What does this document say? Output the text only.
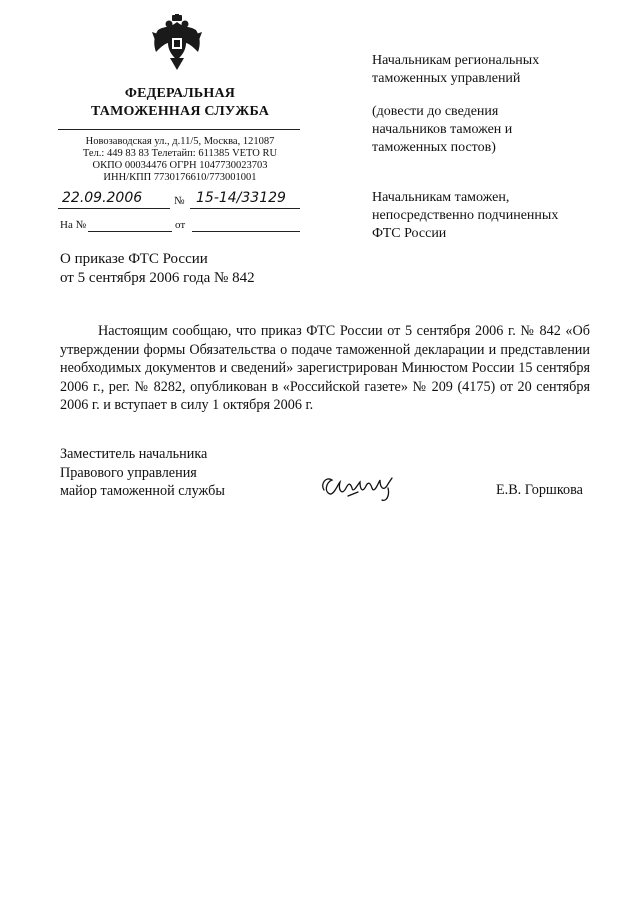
ФЕДЕРАЛЬНАЯ
ТАМОЖЕННАЯ СЛУЖБА
Новозаводская ул., д.11/5, Москва, 121087
Тел.: 449 83 83 Телетайп: 611385 VETO RU
ОКПО 00034476 ОГРН 1047730023703
ИНН/КПП 7730176610/773001001
22.09.2006	№ 15-14/33129
На №	от
Начальникам региональных
таможенных управлений
(довести до сведения
начальников таможен и
таможенных постов)
Начальникам таможен,
непосредственно подчиненных
ФТС России
О приказе ФТС России
от 5 сентября 2006 года № 842

Настоящим сообщаю, что приказ ФТС России от 5 сентября 2006 г. № 842 «Об утверждении формы Обязательства о подаче таможенной декларации и представлении необходимых документов и сведений» зарегистрирован Минюстом России 15 сентября 2006 г., рег. № 8282, опубликован в «Российской газете» № 209 (4175) от 20 сентября 2006 г. и вступает в силу 1 октября 2006 г.

Заместитель начальника
Правового управления
майор таможенной службы	Е.В. Горшкова
